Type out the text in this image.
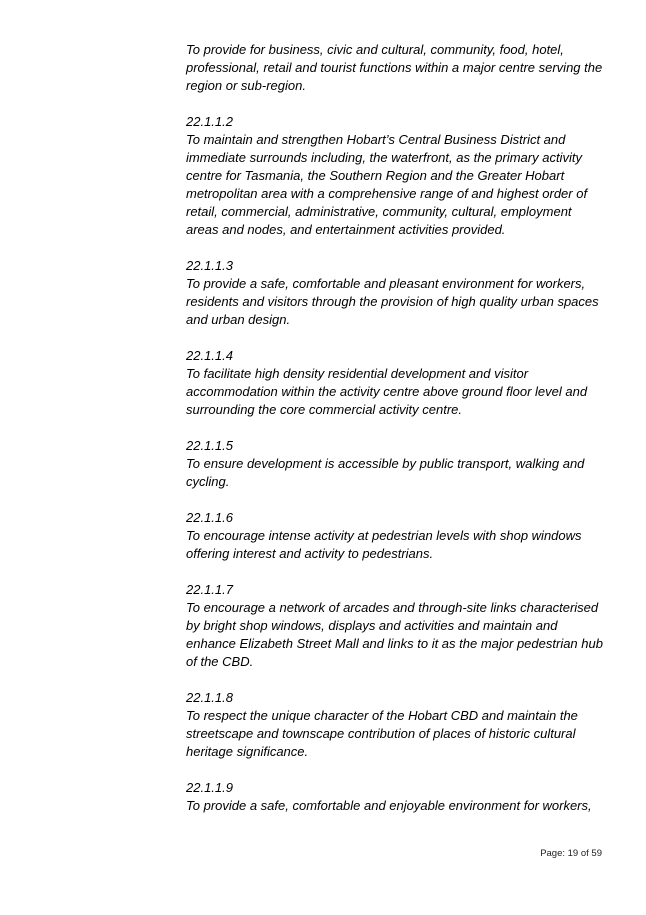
To provide for business, civic and cultural, community, food, hotel, professional, retail and tourist functions within a major centre serving the region or sub-region.

22.1.1.2
To maintain and strengthen Hobart’s Central Business District and immediate surrounds including, the waterfront, as the primary activity centre for Tasmania, the Southern Region and the Greater Hobart metropolitan area with a comprehensive range of and highest order of retail, commercial, administrative, community, cultural, employment areas and nodes, and entertainment activities provided.

22.1.1.3
To provide a safe, comfortable and pleasant environment for workers, residents and visitors through the provision of high quality urban spaces and urban design.

22.1.1.4
To facilitate high density residential development and visitor accommodation within the activity centre above ground floor level and surrounding the core commercial activity centre.

22.1.1.5
To ensure development is accessible by public transport, walking and cycling.

22.1.1.6
To encourage intense activity at pedestrian levels with shop windows offering interest and activity to pedestrians.

22.1.1.7
To encourage a network of arcades and through-site links characterised by bright shop windows, displays and activities and maintain and enhance Elizabeth Street Mall and links to it as the major pedestrian hub of the CBD.

22.1.1.8
To respect the unique character of the Hobart CBD and maintain the streetscape and townscape contribution of places of historic cultural heritage significance.

22.1.1.9
To provide a safe, comfortable and enjoyable environment for workers,

Page: 19 of 59
